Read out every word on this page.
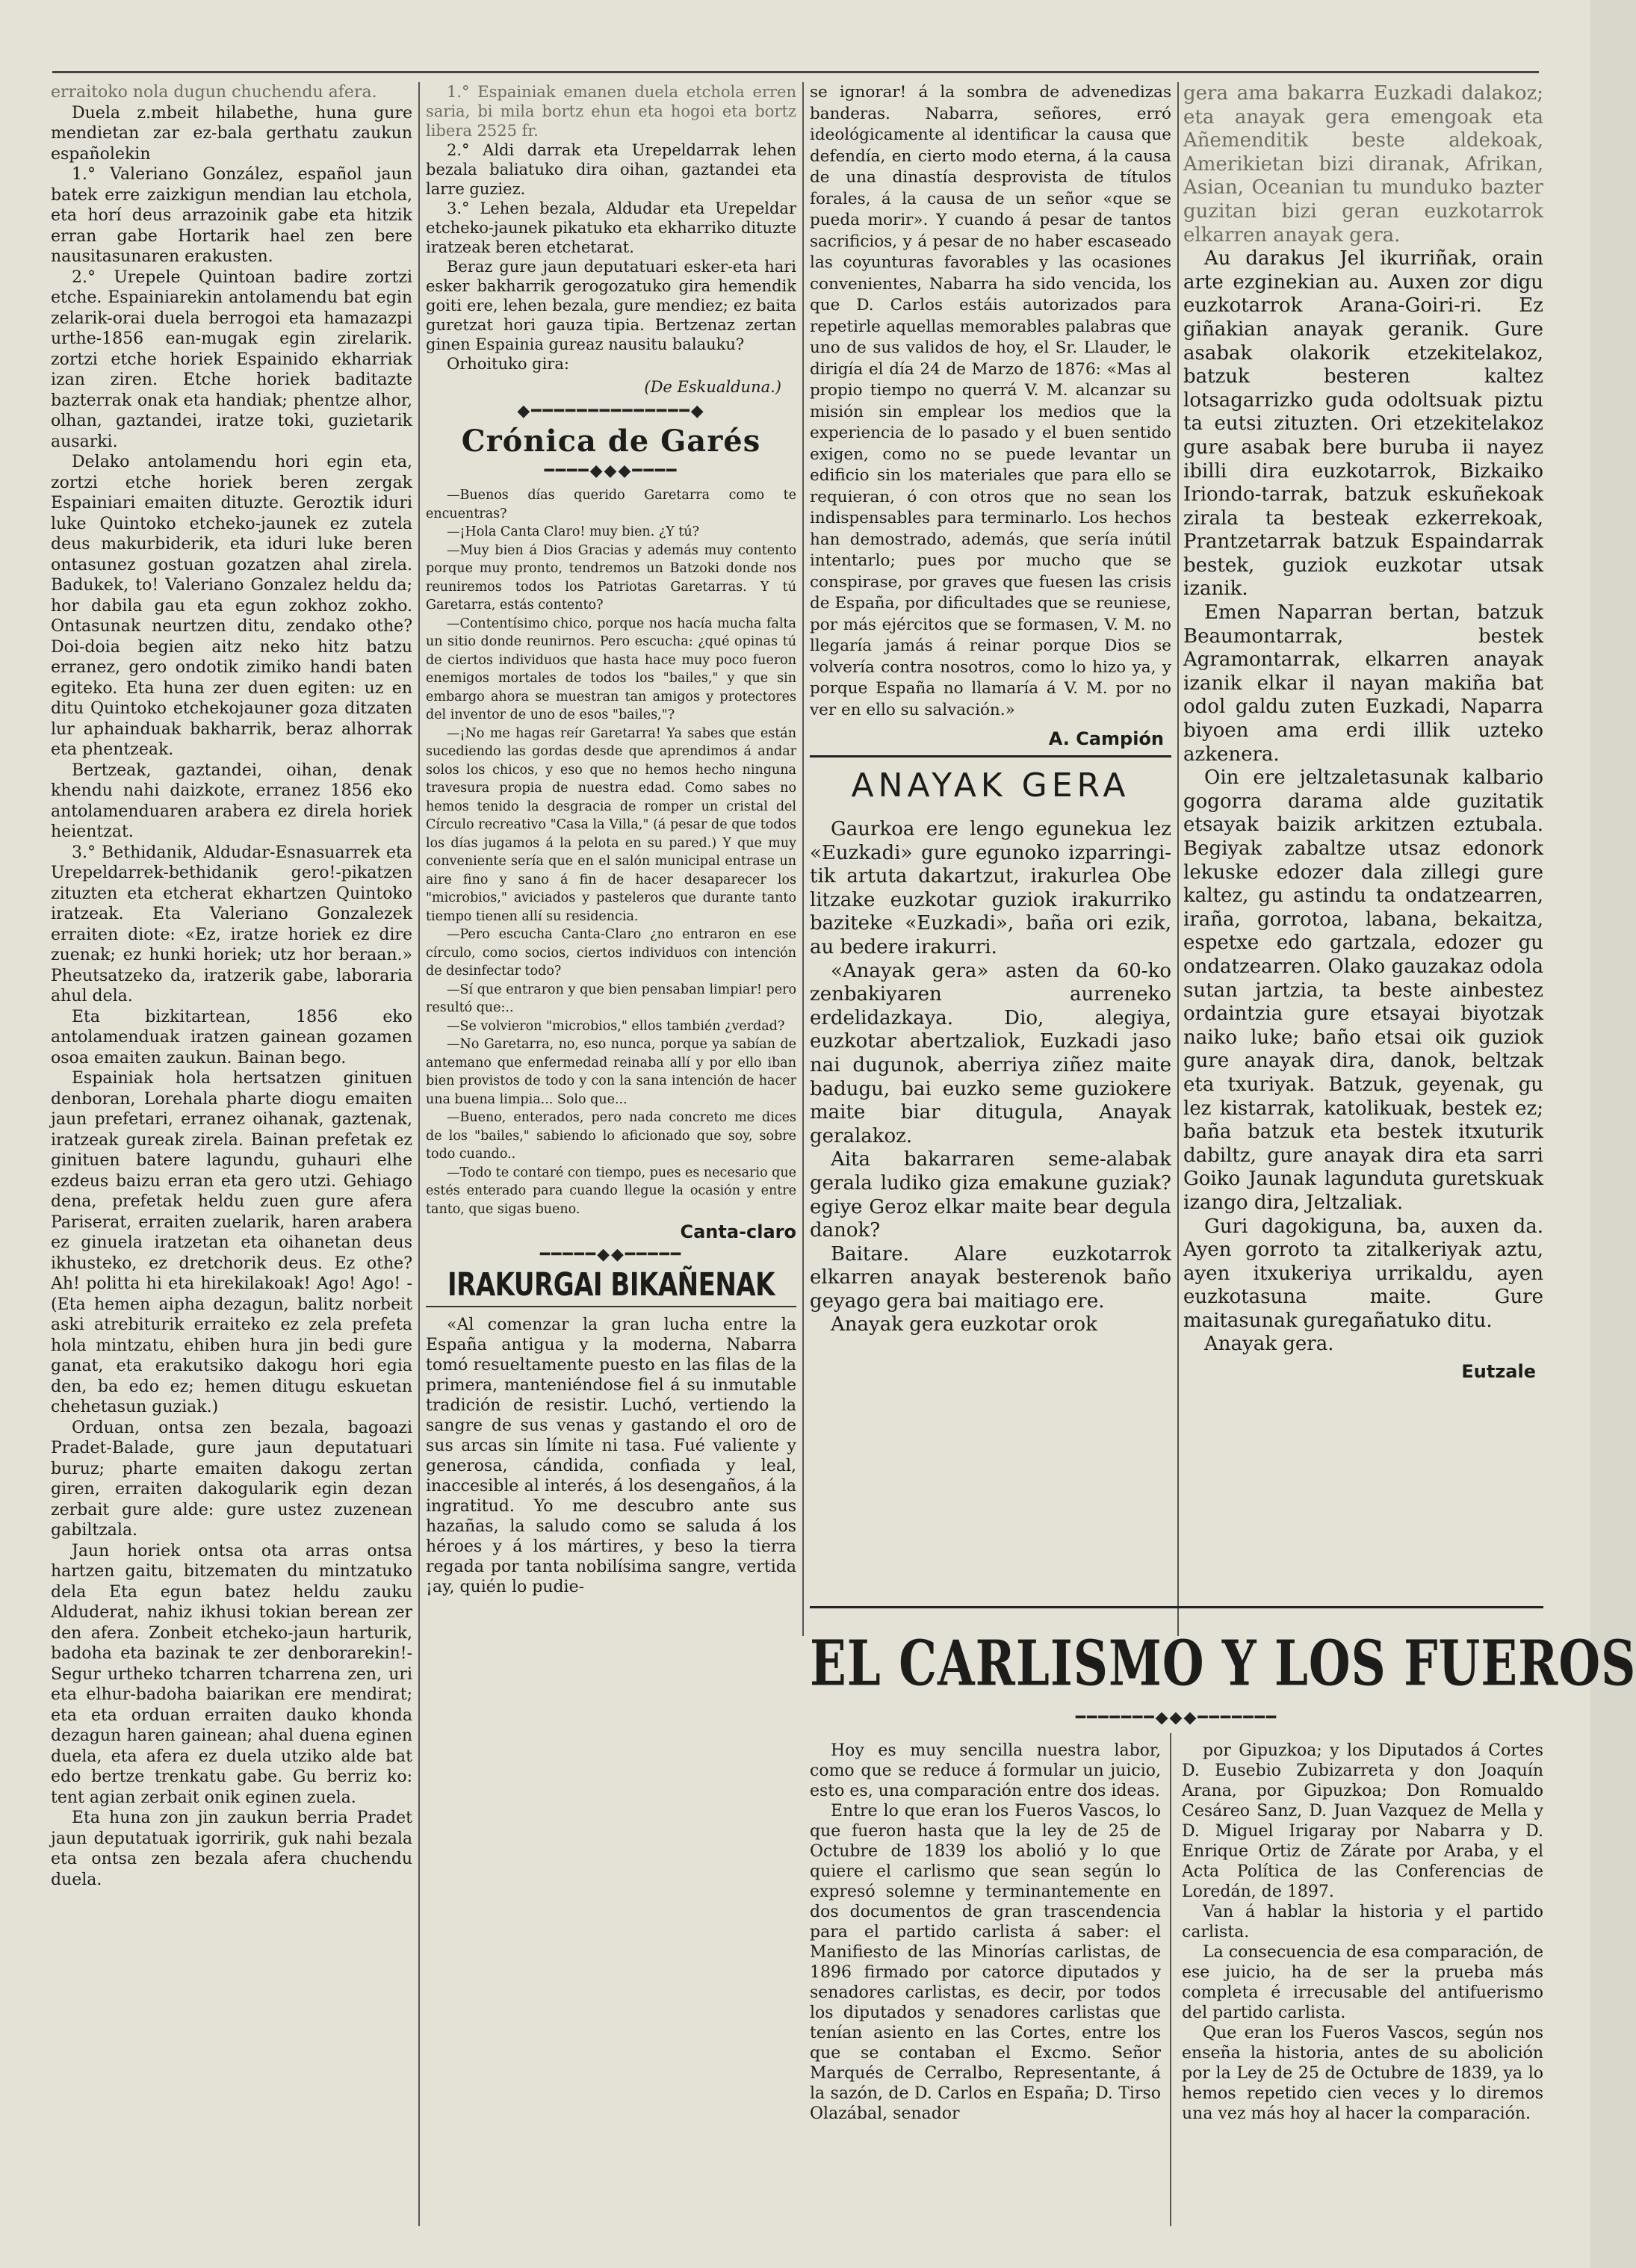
erraitoko nola dugun chuchendu afera.

Duela z.mbeit hilabethe, huna gure mendietan zar ez-bala gerthatu zaukun españolekin

1.° Valeriano González, español jaun batek erre zaizkigun mendian lau etchola, eta horí deus arrazoinik gabe eta hitzik erran gabe Hortarik hael zen bere nausitasunaren erakusten.

2.° Urepele Quintoan badire zortzi etche. Espainiarekin antolamendu bat egin zelarik-orai duela berrogoi eta hamazazpi urthe-1856 ean-mugak egin zirelarik. zortzi etche horiek Espainido ekharriak izan ziren. Etche horiek baditazte bazterrak onak eta handiak; phentze alhor, olhan, gaztandei, iratze toki, guzietarik ausarki.

Delako antolamendu hori egin eta, zortzi etche horiek beren zergak Espainiari emaiten dituzte. Geroztik iduri luke Quintoko etcheko-jaunek ez zutela deus makurbiderik, eta iduri luke beren ontasunez gostuan gozatzen ahal zirela. Badukek, to! Valeriano Gonzalez heldu da; hor dabila gau eta egun zokhoz zokho. Ontasunak neurtzen ditu, zendako othe? Doi-doia begien aitz neko hitz batzu erranez, gero ondotik zimiko handi baten egiteko. Eta huna zer duen egiten: uz en ditu Quintoko etchekojauner goza ditzaten lur aphainduak bakharrik, beraz alhorrak eta phentzeak.

Bertzeak, gaztandei, oihan, denak khendu nahi daizkote, erranez 1856 eko antolamenduaren arabera ez direla horiek heientzat.

3.° Bethidanik, Aldudar-Esnasuarrek eta Urepeldarrek-bethidanik gero!-pikatzen zituzten eta etcherat ekhartzen Quintoko iratzeak. Eta Valeriano Gonzalezek erraiten diote: «Ez, iratze horiek ez dire zuenak; ez hunki horiek; utz hor beraan.» Pheutsatzeko da, iratzerik gabe, laboraria ahul dela.

Eta bizkitartean, 1856 eko antolamenduak iratzen gainean gozamen osoa emaiten zaukun. Bainan bego.

Espainiak hola hertsatzen ginituen denboran, Lorehala pharte diogu emaiten jaun prefetari, erranez oihanak, gaztenak, iratzeak gureak zirela. Bainan prefetak ez ginituen batere lagundu, guhauri elhe ezdeus baizu erran eta gero utzi. Gehiago dena, prefetak heldu zuen gure afera Pariserat, erraiten zuelarik, haren arabera ez ginuela iratzetan eta oihanetan deus ikhusteko, ez dretchorik deus. Ez othe? Ah! politta hi eta hirekilakoak! Ago! Ago! -(Eta hemen aipha dezagun, balitz norbeit aski atrebiturik erraiteko ez zela prefeta hola mintzatu, ehiben hura jin bedi gure ganat, eta erakutsiko dakogu hori egia den, ba edo ez; hemen ditugu eskuetan chehetasun guziak.)

Orduan, ontsa zen bezala, bagoazi Pradet-Balade, gure jaun deputatuari buruz; pharte emaiten dakogu zertan giren, erraiten dakogularik egin dezan zerbait gure alde: gure ustez zuzenean gabiltzala.

Jaun horiek ontsa ota arras ontsa hartzen gaitu, bitzematen du mintzatuko dela Eta egun batez heldu zauku Alduderat, nahiz ikhusi tokian berean zer den afera. Zonbeit etcheko-jaun harturik, badoha eta bazinak te zer denborarekin!-Segur urtheko tcharren tcharrena zen, uri eta elhur-badoha baiarikan ere mendirat; eta eta orduan erraiten dauko khonda dezagun haren gainean; ahal duena eginen duela, eta afera ez duela utziko alde bat edo bertze trenkatu gabe. Gu berriz ko: tent agian zerbait onik eginen zuela.

Eta huna zon jin zaukun berria Pradet jaun deputatuak igorririk, guk nahi bezala eta ontsa zen bezala afera chuchendu duela.

1.° Espainiak emanen duela etchola erren saria, bi mila bortz ehun eta hogoi eta bortz libera 2525 fr.

2.° Aldi darrak eta Urepeldarrak lehen bezala baliatuko dira oihan, gaztandei eta larre guziez.

3.° Lehen bezala, Aldudar eta Urepeldar etcheko-jaunek pikatuko eta ekharriko dituzte iratzeak beren etchetarat.

Beraz gure jaun deputatuari esker-eta hari esker bakharrik gerogozatuko gira hemendik goiti ere, lehen bezala, gure mendiez; ez baita guretzat hori gauza tipia. Bertzenaz zertan ginen Espainia gureaz nausitu balauku?

Orhoituko gira:

(De Eskualduna.)
◆━━━━━━━━━━━━━━◆
Crónica de Garés
━━━━◆◆◆━━━━

—Buenos días querido Garetarra como te encuentras?

—¡Hola Canta Claro! muy bien. ¿Y tú?

—Muy bien á Dios Gracias y además muy contento porque muy pronto, tendremos un Batzoki donde nos reuniremos todos los Patriotas Garetarras. Y tú Garetarra, estás contento?

—Contentísimo chico, porque nos hacía mucha falta un sitio donde reunirnos. Pero escucha: ¿qué opinas tú de ciertos individuos que hasta hace muy poco fueron enemigos mortales de todos los "bailes," y que sin embargo ahora se muestran tan amigos y protectores del inventor de uno de esos "bailes,"?

—¡No me hagas reír Garetarra! Ya sabes que están sucediendo las gordas desde que aprendimos á andar solos los chicos, y eso que no hemos hecho ninguna travesura propia de nuestra edad. Como sabes no hemos tenido la desgracia de romper un cristal del Círculo recreativo "Casa la Villa," (á pesar de que todos los días jugamos á la pelota en su pared.) Y que muy conveniente sería que en el salón municipal entrase un aire fino y sano á fin de hacer desaparecer los "microbios," aviciados y pasteleros que durante tanto tiempo tienen allí su residencia.

—Pero escucha Canta-Claro ¿no entraron en ese círculo, como socios, ciertos individuos con intención de desinfectar todo?

—Sí que entraron y que bien pensaban limpiar! pero resultó que:..

—Se volvieron "microbios," ellos también ¿verdad?

—No Garetarra, no, eso nunca, porque ya sabían de antemano que enfermedad reinaba allí y por ello iban bien provistos de todo y con la sana intención de hacer una buena limpia... Solo que...

—Bueno, enterados, pero nada concreto me dices de los "bailes," sabiendo lo aficionado que soy, sobre todo cuando..

—Todo te contaré con tiempo, pues es necesario que estés enterado para cuando llegue la ocasión y entre tanto, que sigas bueno.

Canta-claro
━━━━━◆◆━━━━━
IRAKURGAI BIKAÑENAK

«Al comenzar la gran lucha entre la España antigua y la moderna, Nabarra tomó resueltamente puesto en las filas de la primera, manteniéndose fiel á su inmutable tradición de resistir. Luchó, vertiendo la sangre de sus venas y gastando el oro de sus arcas sin límite ni tasa. Fué valiente y generosa, cándida, confiada y leal, inaccesible al interés, á los desengaños, á la ingratitud. Yo me descubro ante sus hazañas, la saludo como se saluda á los héroes y á los mártires, y beso la tierra regada por tanta nobilísima sangre, vertida ¡ay, quién lo pudie-

se ignorar! á la sombra de advenedizas banderas. Nabarra, señores, erró ideológicamente al identificar la causa que defendía, en cierto modo eterna, á la causa de una dinastía desprovista de títulos forales, á la causa de un señor «que se pueda morir». Y cuando á pesar de tantos sacrificios, y á pesar de no haber escaseado las coyunturas favorables y las ocasiones convenientes, Nabarra ha sido vencida, los que D. Carlos estáis autorizados para repetirle aquellas memorables palabras que uno de sus validos de hoy, el Sr. Llauder, le dirigía el día 24 de Marzo de 1876: «Mas al propio tiempo no querrá V. M. alcanzar su misión sin emplear los medios que la experiencia de lo pasado y el buen sentido exigen, como no se puede levantar un edificio sin los materiales que para ello se requieran, ó con otros que no sean los indispensables para terminarlo. Los hechos han demostrado, además, que sería inútil intentarlo; pues por mucho que se conspirase, por graves que fuesen las crisis de España, por dificultades que se reuniese, por más ejércitos que se formasen, V. M. no llegaría jamás á reinar porque Dios se volvería contra nosotros, como lo hizo ya, y porque España no llamaría á V. M. por no ver en ello su salvación.»

A. Campión
ANAYAK GERA

Gaurkoa ere lengo egunekua lez «Euzkadi» gure egunoko izparringi-tik artuta dakartzut, irakurlea Obe litzake euzkotar guziok irakurriko baziteke «Euzkadi», baña ori ezik, au bedere irakurri.

«Anayak gera» asten da 60-ko zenbakiyaren aurreneko erdelidazkaya. Dio, alegiya, euzkotar abertzaliok, Euzkadi jaso nai dugunok, aberriya ziñez maite badugu, bai euzko seme guziokere maite biar ditugula, Anayak geralakoz.

Aita bakarraren seme-alabak gerala ludiko giza emakune guziak? egiye Geroz elkar maite bear degula danok?

Baitare. Alare euzkotarrok elkarren anayak besterenok baño geyago gera bai maitiago ere.

Anayak gera euzkotar orok

gera ama bakarra Euzkadi dalakoz; eta anayak gera emengoak eta Añemenditik beste aldekoak, Amerikietan bizi diranak, Afrikan, Asian, Oceanian tu munduko bazter guzitan bizi geran euzkotarrok elkarren anayak gera.

Au darakus Jel ikurriñak, orain arte ezginekian au. Auxen zor digu euzkotarrok Arana-Goiri-ri. Ez giñakian anayak geranik. Gure asabak olakorik etzekitelakoz, batzuk besteren kaltez lotsagarrizko guda odoltsuak piztu ta eutsi zituzten. Ori etzekitelakoz gure asabak bere buruba ii nayez ibilli dira euzkotarrok, Bizkaiko Iriondo-tarrak, batzuk eskuñekoak zirala ta besteak ezkerrekoak, Prantzetarrak batzuk Espaindarrak bestek, guziok euzkotar utsak izanik.

Emen Naparran bertan, batzuk Beaumontarrak, bestek Agramontarrak, elkarren anayak izanik elkar il nayan makiña bat odol galdu zuten Euzkadi, Naparra biyoen ama erdi illik uzteko azkenera.

Oin ere jeltzaletasunak kalbario gogorra darama alde guzitatik etsayak baizik arkitzen eztubala. Begiyak zabaltze utsaz edonork lekuske edozer dala zillegi gure kaltez, gu astindu ta ondatzearren, iraña, gorrotoa, labana, bekaitza, espetxe edo gartzala, edozer gu ondatzearren. Olako gauzakaz odola sutan jartzia, ta beste ainbestez ordaintzia gure etsayai biyotzak naiko luke; baño etsai oik guziok gure anayak dira, danok, beltzak eta txuriyak. Batzuk, geyenak, gu lez kistarrak, katolikuak, bestek ez; baña batzuk eta bestek itxuturik dabiltz, gure anayak dira eta sarri Goiko Jaunak lagunduta guretskuak izango dira, Jeltzaliak.

Guri dagokiguna, ba, auxen da. Ayen gorroto ta zitalkeriyak aztu, ayen itxukeriya urrikaldu, ayen euzkotasuna maite. Gure maitasunak guregañatuko ditu.

Anayak gera.

Eutzale
EL CARLISMO Y LOS FUEROS
━━━━━━━◆◆◆━━━━━━━

Hoy es muy sencilla nuestra labor, como que se reduce á formular un juicio, esto es, una comparación entre dos ideas.

Entre lo que eran los Fueros Vascos, lo que fueron hasta que la ley de 25 de Octubre de 1839 los abolió y lo que quiere el carlismo que sean según lo expresó solemne y terminantemente en dos documentos de gran trascendencia para el partido carlista á saber: el Manifiesto de las Minorías carlistas, de 1896 firmado por catorce diputados y senadores carlistas, es decir, por todos los diputados y senadores carlistas que tenían asiento en las Cortes, entre los que se contaban el Excmo. Señor Marqués de Cerralbo, Representante, á la sazón, de D. Carlos en España; D. Tirso Olazábal, senador

por Gipuzkoa; y los Diputados á Cortes D. Eusebio Zubizarreta y don Joaquín Arana, por Gipuzkoa; Don Romualdo Cesáreo Sanz, D. Juan Vazquez de Mella y D. Miguel Irigaray por Nabarra y D. Enrique Ortiz de Zárate por Araba, y el Acta Política de las Conferencias de Loredán, de 1897.

Van á hablar la historia y el partido carlista.

La consecuencia de esa comparación, de ese juicio, ha de ser la prueba más completa é irrecusable del antifuerismo del partido carlista.

Que eran los Fueros Vascos, según nos enseña la historia, antes de su abolición por la Ley de 25 de Octubre de 1839, ya lo hemos repetido cien veces y lo diremos una vez más hoy al hacer la comparación.
